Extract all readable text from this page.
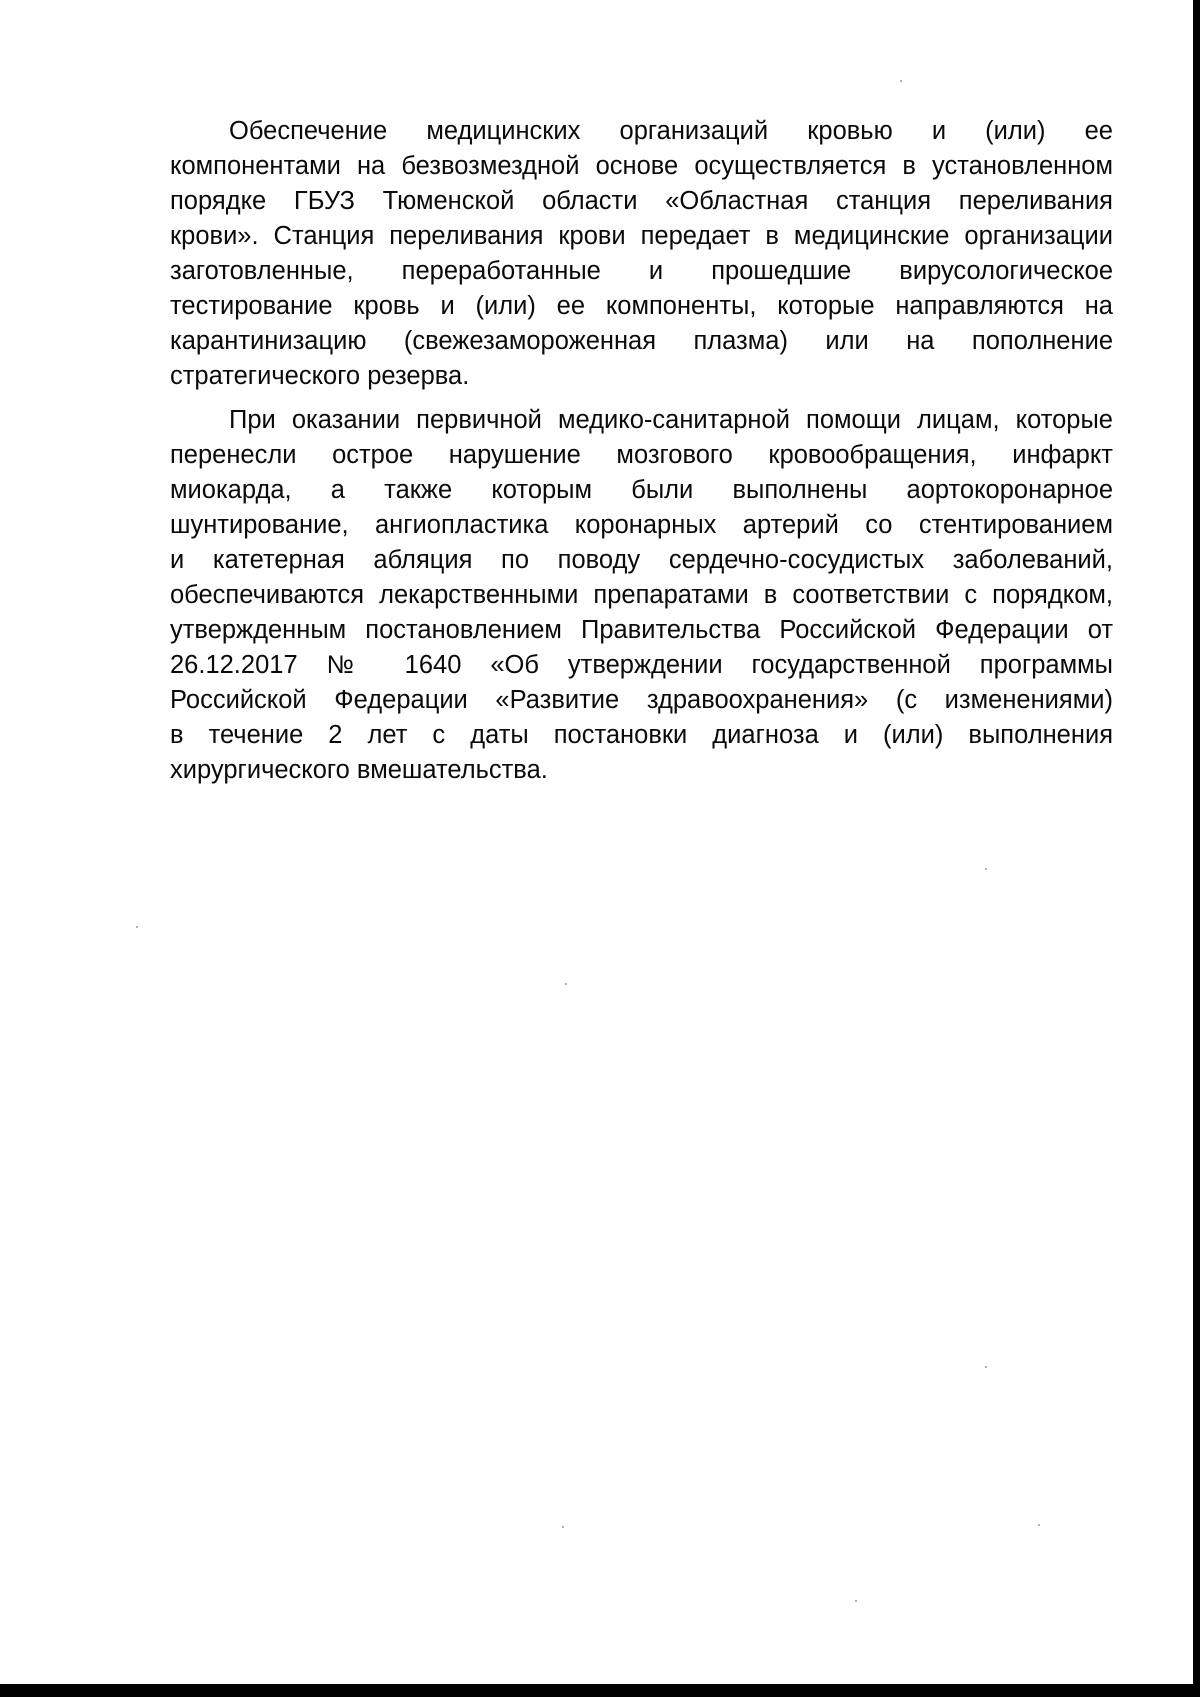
Обеспечение медицинских организаций кровью и (или) ее
компонентами на безвозмездной основе осуществляется в установленном
порядке ГБУЗ Тюменской области «Областная станция переливания
крови». Станция переливания крови передает в медицинские организации
заготовленные, переработанные и прошедшие вирусологическое
тестирование кровь и (или) ее компоненты, которые направляются на
карантинизацию (свежезамороженная плазма) или на пополнение
стратегического резерва.
При оказании первичной медико-санитарной помощи лицам, которые
перенесли острое нарушение мозгового кровообращения, инфаркт
миокарда, а также которым были выполнены аортокоронарное
шунтирование, ангиопластика коронарных артерий со стентированием
и катетерная абляция по поводу сердечно-сосудистых заболеваний,
обеспечиваются лекарственными препаратами в соответствии с порядком,
утвержденным постановлением Правительства Российской Федерации от
26.12.2017 № 1640 «Об утверждении государственной программы
Российской Федерации «Развитие здравоохранения» (с изменениями)
в течение 2 лет с даты постановки диагноза и (или) выполнения
хирургического вмешательства.
